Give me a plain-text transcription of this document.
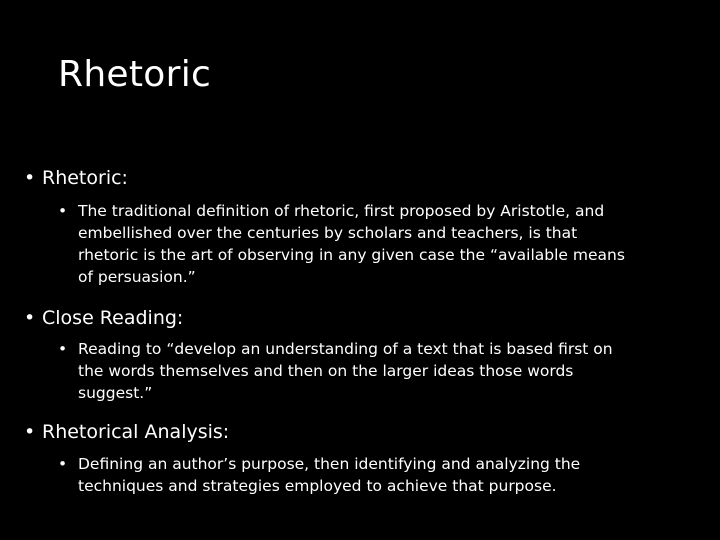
Rhetoric
• Rhetoric:
• The traditional definition of rhetoric, first proposed by Aristotle, and
embellished over the centuries by scholars and teachers, is that
rhetoric is the art of observing in any given case the “available means
of persuasion.”
• Close Reading:
• Reading to “develop an understanding of a text that is based first on
the words themselves and then on the larger ideas those words
suggest.”
• Rhetorical Analysis:
• Defining an author’s purpose, then identifying and analyzing the
techniques and strategies employed to achieve that purpose.
